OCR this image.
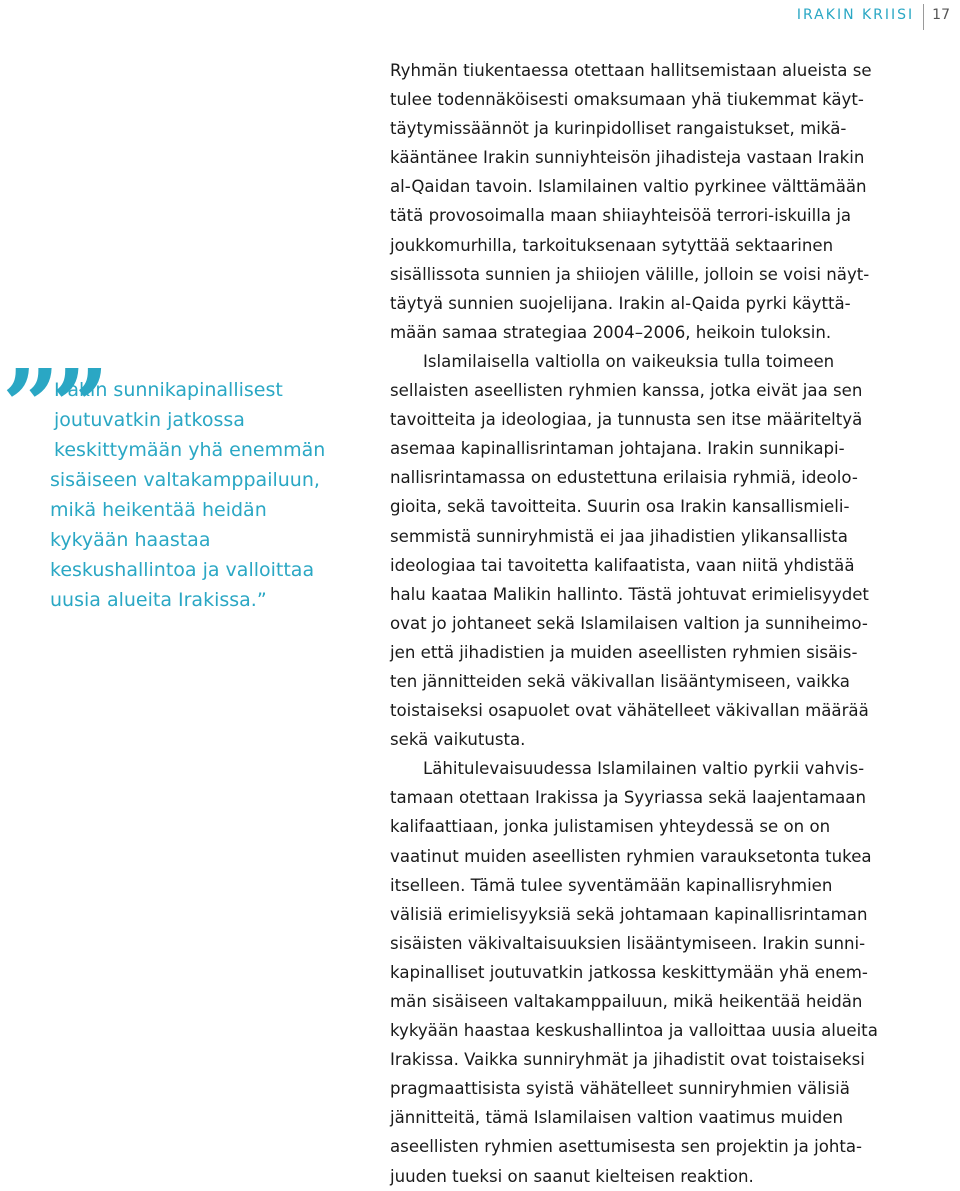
IRAKIN KRIISI	17
””
Irakin sunnikapinallisest
joutuvatkin jatkossa
keskittymään yhä enemmän
sisäiseen valtakamppailuun,
mikä heikentää heidän
kykyään haastaa
keskushallintoa ja valloittaa
uusia alueita Irakissa.”
Ryhmän tiukentaessa otettaan hallitsemistaan alueista se
tulee todennäköisesti omaksumaan yhä tiukemmat käyt-
täytymissäännöt ja kurinpidolliset rangaistukset, mikä-
kääntänee Irakin sunniyhteisön jihadisteja vastaan Irakin
al-Qaidan tavoin. Islamilainen valtio pyrkinee välttämään
tätä provosoimalla maan shiiayhteisöä terrori-iskuilla ja
joukkomurhilla, tarkoituksenaan sytyttää sektaarinen
sisällissota sunnien ja shiiojen välille, jolloin se voisi näyt-
täytyä sunnien suojelijana. Irakin al-Qaida pyrki käyttä-
mään samaa strategiaa 2004–2006, heikoin tuloksin.
Islamilaisella valtiolla on vaikeuksia tulla toimeen
sellaisten aseellisten ryhmien kanssa, jotka eivät jaa sen
tavoitteita ja ideologiaa, ja tunnusta sen itse määriteltyä
asemaa kapinallisrintaman johtajana. Irakin sunnikapi-
nallisrintamassa on edustettuna erilaisia ryhmiä, ideolo-
gioita, sekä tavoitteita. Suurin osa Irakin kansallismieli-
semmistä sunniryhmistä ei jaa jihadistien ylikansallista
ideologiaa tai tavoitetta kalifaatista, vaan niitä yhdistää
halu kaataa Malikin hallinto. Tästä johtuvat erimielisyydet
ovat jo johtaneet sekä Islamilaisen valtion ja sunniheimo-
jen että jihadistien ja muiden aseellisten ryhmien sisäis-
ten jännitteiden sekä väkivallan lisääntymiseen, vaikka
toistaiseksi osapuolet ovat vähätelleet väkivallan määrää
sekä vaikutusta.
Lähitulevaisuudessa Islamilainen valtio pyrkii vahvis-
tamaan otettaan Irakissa ja Syyriassa sekä laajentamaan
kalifaattiaan, jonka julistamisen yhteydessä se on on
vaatinut muiden aseellisten ryhmien varauksetonta tukea
itselleen. Tämä tulee syventämään kapinallisryhmien
välisiä erimielisyyksiä sekä johtamaan kapinallisrintaman
sisäisten väkivaltaisuuksien lisääntymiseen. Irakin sunni-
kapinalliset joutuvatkin jatkossa keskittymään yhä enem-
män sisäiseen valtakamppailuun, mikä heikentää heidän
kykyään haastaa keskushallintoa ja valloittaa uusia alueita
Irakissa. Vaikka sunniryhmät ja jihadistit ovat toistaiseksi
pragmaattisista syistä vähätelleet sunniryhmien välisiä
jännitteitä, tämä Islamilaisen valtion vaatimus muiden
aseellisten ryhmien asettumisesta sen projektin ja johta-
juuden tueksi on saanut kielteisen reaktion.
